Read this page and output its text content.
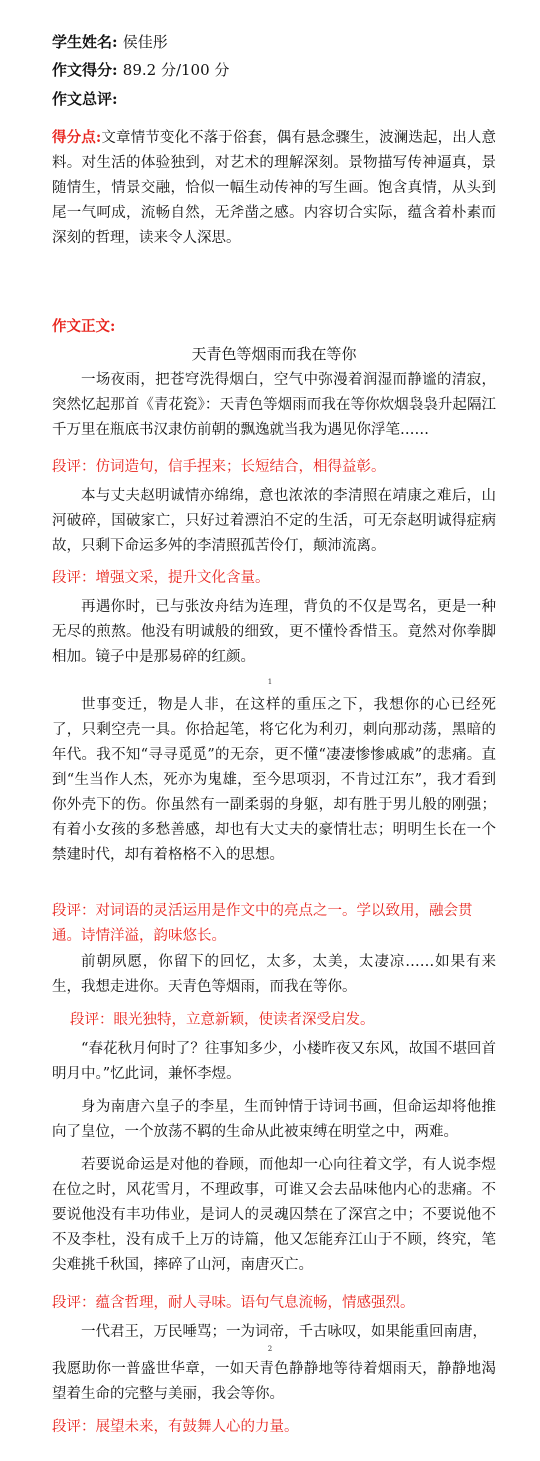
学生姓名: 侯佳彤
作文得分: 89.2 分/100 分
作文总评:

得分点:文章情节变化不落于俗套，偶有悬念骤生，波澜迭起，出人意料。对生活的体验独到，对艺术的理解深刻。景物描写传神逼真，景随情生，情景交融，恰似一幅生动传神的写生画。饱含真情，从头到尾一气呵成，流畅自然，无斧凿之感。内容切合实际，蕴含着朴素而深刻的哲理，读来令人深思。

作文正文:
天青色等烟雨而我在等你

一场夜雨，把苍穹洗得烟白，空气中弥漫着润湿而静谧的清寂，突然忆起那首《青花瓷》：天青色等烟雨而我在等你炊烟袅袅升起隔江千万里在瓶底书汉隶仿前朝的飘逸就当我为遇见你浮笔……

段评：仿词造句，信手捏来；长短结合，相得益彰。

本与丈夫赵明诚情亦绵绵，意也浓浓的李清照在靖康之难后，山河破碎，国破家亡，只好过着漂泊不定的生活，可无奈赵明诚得症病故，只剩下命运多舛的李清照孤苦伶仃，颠沛流离。

段评：增强文采，提升文化含量。

再遇你时，已与张汝舟结为连理，背负的不仅是骂名，更是一种无尽的煎熬。他没有明诚般的细致，更不懂怜香惜玉。竟然对你拳脚相加。镜子中是那易碎的红颜。

1

世事变迁，物是人非，在这样的重压之下，我想你的心已经死了，只剩空壳一具。你拾起笔，将它化为利刃，刺向那动荡，黑暗的年代。我不知“寻寻觅觅”的无奈，更不懂“凄凄惨惨戚戚”的悲痛。直到“生当作人杰，死亦为鬼雄，至今思项羽，不肯过江东”，我才看到你外壳下的伤。你虽然有一副柔弱的身躯，却有胜于男儿般的刚强；有着小女孩的多愁善感，却也有大丈夫的豪情壮志；明明生长在一个禁建时代，却有着格格不入的思想。

段评：对词语的灵活运用是作文中的亮点之一。学以致用，融会贯通。诗情洋溢，韵味悠长。

前朝夙愿，你留下的回忆，太多，太美，太凄凉……如果有来生，我想走进你。天青色等烟雨，而我在等你。

段评：眼光独特，立意新颖，使读者深受启发。

“春花秋月何时了？往事知多少，小楼昨夜又东风，故国不堪回首明月中。”忆此词，兼怀李煜。

身为南唐六皇子的李星，生而钟情于诗词书画，但命运却将他推向了皇位，一个放荡不羁的生命从此被束缚在明堂之中，两难。

若要说命运是对他的眷顾，而他却一心向往着文学，有人说李煜在位之时，风花雪月，不理政事，可谁又会去品味他内心的悲痛。不要说他没有丰功伟业，是词人的灵魂囚禁在了深宫之中；不要说他不不及李杜，没有成千上万的诗篇，他又怎能弃江山于不顾，终究，笔尖难挑千秋国，摔碎了山河，南唐灭亡。

段评：蕴含哲理，耐人寻味。语句气息流畅，情感强烈。

一代君王，万民唾骂；一为词帝，千古咏叹，如果能重回南唐，

2

我愿助你一普盛世华章，一如天青色静静地等待着烟雨天，静静地渴望着生命的完整与美丽，我会等你。

段评：展望未来，有鼓舞人心的力量。
